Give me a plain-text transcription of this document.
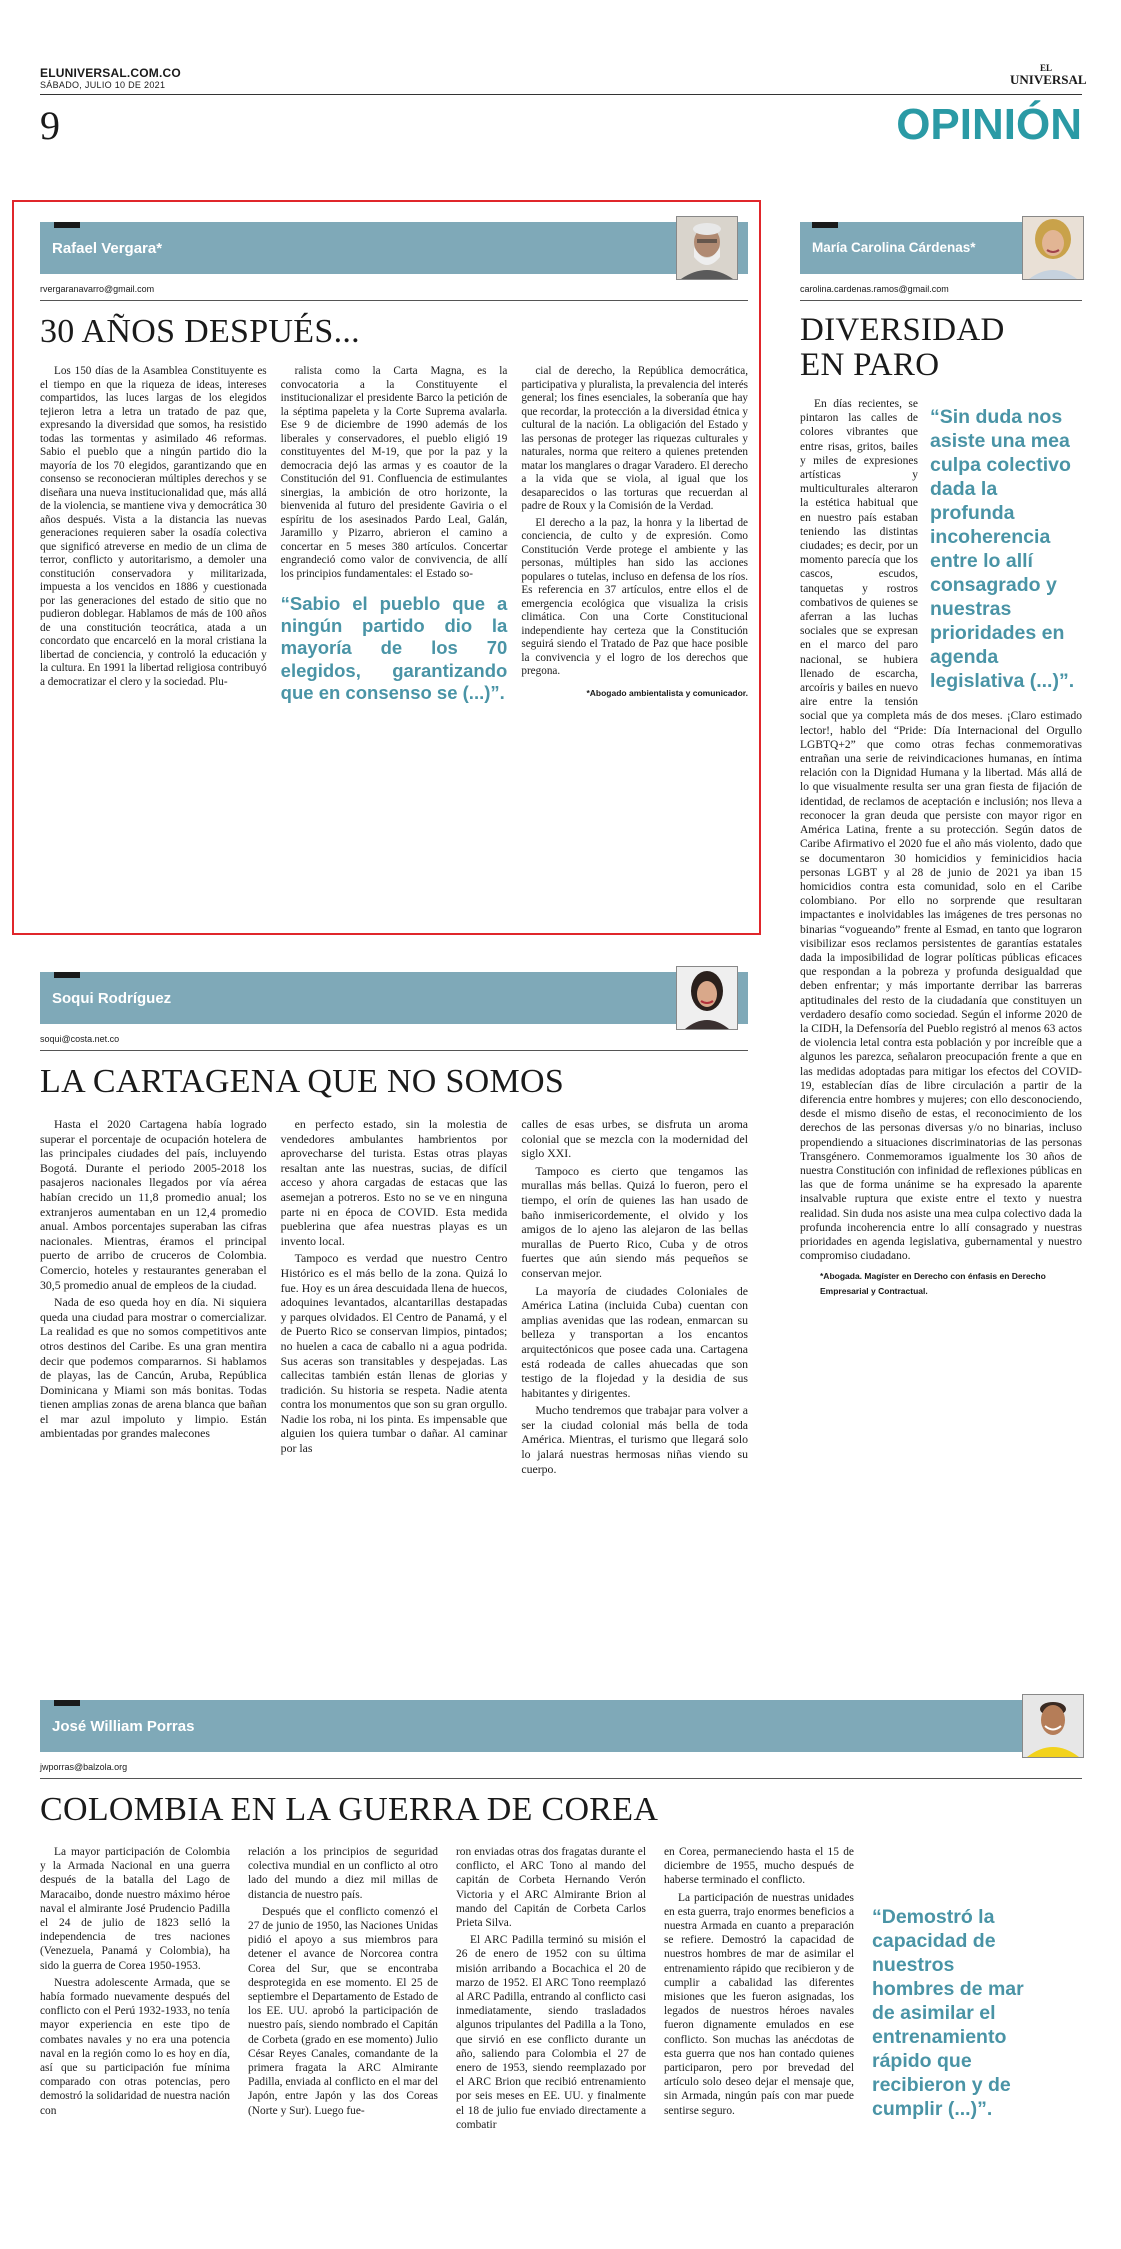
ELUNIVERSAL.COM.CO
SÁBADO, JULIO 10 DE 2021
9
EL
UNIVERSAL
OPINIÓN
Rafael Vergara*
rvergaranavarro@gmail.com
30 AÑOS DESPUÉS...

Los 150 días de la Asamblea Constituyente es el tiempo en que la riqueza de ideas, intereses compartidos, las luces largas de los elegidos tejieron letra a letra un tratado de paz que, expresando la diversidad que somos, ha resistido todas las tormentas y asimilado 46 reformas. Sabio el pueblo que a ningún partido dio la mayoría de los 70 elegidos, garantizando que en consenso se reconocieran múltiples derechos y se diseñara una nueva institucionalidad que, más allá de la violencia, se mantiene viva y democrática 30 años después. Vista a la distancia las nuevas generaciones requieren saber la osadía colectiva que significó atreverse en medio de un clima de terror, conflicto y autoritarismo, a demoler una constitución conservadora y militarizada, impuesta a los vencidos en 1886 y cuestionada por las generaciones del estado de sitio que no pudieron doblegar. Hablamos de más de 100 años de una constitución teocrática, atada a un concordato que encarceló en la moral cristiana la libertad de conciencia, y controló la educación y la cultura. En 1991 la libertad religiosa contribuyó a democratizar el clero y la sociedad. Plu-

ralista como la Carta Magna, es la convocatoria a la Constituyente el institucionalizar el presidente Barco la petición de la séptima papeleta y la Corte Suprema avalarla. Ese 9 de diciembre de 1990 además de los liberales y conservadores, el pueblo eligió 19 constituyentes del M-19, que por la paz y la democracia dejó las armas y es coautor de la Constitución del 91. Confluencia de estimulantes sinergias, la ambición de otro horizonte, la bienvenida al futuro del presidente Gaviria o el espíritu de los asesinados Pardo Leal, Galán, Jaramillo y Pizarro, abrieron el camino a concertar en 5 meses 380 artículos. Concertar engrandeció como valor de convivencia, de allí los principios fundamentales: el Estado so-

“Sabio el pueblo que a ningún partido dio la mayoría de los 70 elegidos, garantizando que en consenso se (...)”.

cial de derecho, la República democrática, participativa y pluralista, la prevalencia del interés general; los fines esenciales, la soberanía que hay que recordar, la protección a la diversidad étnica y cultural de la nación. La obligación del Estado y las personas de proteger las riquezas culturales y naturales, norma que reitero a quienes pretenden matar los manglares o dragar Varadero. El derecho a la vida que se viola, al igual que los desaparecidos o las torturas que recuerdan al padre de Roux y la Comisión de la Verdad.

El derecho a la paz, la honra y la libertad de conciencia, de culto y de expresión. Como Constitución Verde protege el ambiente y las personas, múltiples han sido las acciones populares o tutelas, incluso en defensa de los ríos. Es referencia en 37 artículos, entre ellos el de emergencia ecológica que visualiza la crisis climática. Con una Corte Constitucional independiente hay certeza que la Constitución seguirá siendo el Tratado de Paz que hace posible la convivencia y el logro de los derechos que pregona.

*Abogado ambientalista y comunicador.
María Carolina Cárdenas*
carolina.cardenas.ramos@gmail.com
DIVERSIDAD
EN PARO
“Sin duda nos asiste una mea culpa colectivo dada la profunda incoherencia entre lo allí consagrado y nuestras prioridades en agenda legislativa (...)”.

En días recientes, se pintaron las calles de colores vibrantes que entre risas, gritos, bailes y miles de expresiones artísticas y multiculturales alteraron la estética habitual que en nuestro país estaban teniendo las distintas ciudades; es decir, por un momento parecía que los cascos, escudos, tanquetas y rostros combativos de quienes se aferran a las luchas sociales que se expresan en el marco del paro nacional, se hubiera llenado de escarcha, arcoíris y bailes en nuevo aire entre la tensión social que ya completa más de dos meses. ¡Claro estimado lector!, hablo del “Pride: Día Internacional del Orgullo LGBTQ+2” que como otras fechas conmemorativas entrañan una serie de reivindicaciones humanas, en íntima relación con la Dignidad Humana y la libertad. Más allá de lo que visualmente resulta ser una gran fiesta de fijación de identidad, de reclamos de aceptación e inclusión; nos lleva a reconocer la gran deuda que persiste con mayor rigor en América Latina, frente a su protección. Según datos de Caribe Afirmativo el 2020 fue el año más violento, dado que se documentaron 30 homicidios y feminicidios hacia personas LGBT y al 28 de junio de 2021 ya iban 15 homicidios contra esta comunidad, solo en el Caribe colombiano. Por ello no sorprende que resultaran impactantes e inolvidables las imágenes de tres personas no binarias “vogueando” frente al Esmad, en tanto que lograron visibilizar esos reclamos persistentes de garantías estatales dada la imposibilidad de lograr políticas públicas eficaces que respondan a la pobreza y profunda desigualdad que deben enfrentar; y más importante derribar las barreras aptitudinales del resto de la ciudadanía que constituyen un verdadero desafío como sociedad. Según el informe 2020 de la CIDH, la Defensoría del Pueblo registró al menos 63 actos de violencia letal contra esta población y por increíble que a algunos les parezca, señalaron preocupación frente a que en las medidas adoptadas para mitigar los efectos del COVID-19, establecían días de libre circulación a partir de la diferencia entre hombres y mujeres; con ello desconociendo, desde el mismo diseño de estas, el reconocimiento de los derechos de las personas diversas y/o no binarias, incluso propendiendo a situaciones discriminatorias de las personas Transgénero. Conmemoramos igualmente los 30 años de nuestra Constitución con infinidad de reflexiones públicas en las que de forma unánime se ha expresado la aparente insalvable ruptura que existe entre el texto y nuestra realidad. Sin duda nos asiste una mea culpa colectivo dada la profunda incoherencia entre lo allí consagrado y nuestras prioridades en agenda legislativa, gubernamental y nuestro compromiso ciudadano.

*Abogada. Magíster en Derecho con énfasis en Derecho Empresarial y Contractual.
Soqui Rodríguez
soqui@costa.net.co
LA CARTAGENA QUE NO SOMOS

Hasta el 2020 Cartagena había logrado superar el porcentaje de ocupación hotelera de las principales ciudades del país, incluyendo Bogotá. Durante el periodo 2005-2018 los pasajeros nacionales llegados por vía aérea habían crecido un 11,8 promedio anual; los extranjeros aumentaban en un 12,4 promedio anual. Ambos porcentajes superaban las cifras nacionales. Mientras, éramos el principal puerto de arribo de cruceros de Colombia. Comercio, hoteles y restaurantes generaban el 30,5 promedio anual de empleos de la ciudad.

Nada de eso queda hoy en día. Ni siquiera queda una ciudad para mostrar o comercializar. La realidad es que no somos competitivos ante otros destinos del Caribe. Es una gran mentira decir que podemos compararnos. Si hablamos de playas, las de Cancún, Aruba, República Dominicana y Miami son más bonitas. Todas tienen amplias zonas de arena blanca que bañan el mar azul impoluto y limpio. Están ambientadas por grandes malecones

en perfecto estado, sin la molestia de vendedores ambulantes hambrientos por aprovecharse del turista. Estas otras playas resaltan ante las nuestras, sucias, de difícil acceso y ahora cargadas de estacas que las asemejan a potreros. Esto no se ve en ninguna parte ni en época de COVID. Esta medida pueblerina que afea nuestras playas es un invento local.

Tampoco es verdad que nuestro Centro Histórico es el más bello de la zona. Quizá lo fue. Hoy es un área descuidada llena de huecos, adoquines levantados, alcantarillas destapadas y parques olvidados. El Centro de Panamá, y el de Puerto Rico se conservan limpios, pintados; no huelen a caca de caballo ni a agua podrida. Sus aceras son transitables y despejadas. Las callecitas también están llenas de glorias y tradición. Su historia se respeta. Nadie atenta contra los monumentos que son su gran orgullo. Nadie los roba, ni los pinta. Es impensable que alguien los quiera tumbar o dañar. Al caminar por las

calles de esas urbes, se disfruta un aroma colonial que se mezcla con la modernidad del siglo XXI.

Tampoco es cierto que tengamos las murallas más bellas. Quizá lo fueron, pero el tiempo, el orín de quienes las han usado de baño inmisericordemente, el olvido y los amigos de lo ajeno las alejaron de las bellas murallas de Puerto Rico, Cuba y de otros fuertes que aún siendo más pequeños se conservan mejor.

La mayoría de ciudades Coloniales de América Latina (incluida Cuba) cuentan con amplias avenidas que las rodean, enmarcan su belleza y transportan a los encantos arquitectónicos que posee cada una. Cartagena está rodeada de calles ahuecadas que son testigo de la flojedad y la desidia de sus habitantes y dirigentes.

Mucho tendremos que trabajar para volver a ser la ciudad colonial más bella de toda América. Mientras, el turismo que llegará solo lo jalará nuestras hermosas niñas viendo su cuerpo.

José William Porras
jwporras@balzola.org
COLOMBIA EN LA GUERRA DE COREA

La mayor participación de Colombia y la Armada Nacional en una guerra después de la batalla del Lago de Maracaibo, donde nuestro máximo héroe naval el almirante José Prudencio Padilla el 24 de julio de 1823 selló la independencia de tres naciones (Venezuela, Panamá y Colombia), ha sido la guerra de Corea 1950-1953.

Nuestra adolescente Armada, que se había formado nuevamente después del conflicto con el Perú 1932-1933, no tenía mayor experiencia en este tipo de combates navales y no era una potencia naval en la región como lo es hoy en día, así que su participación fue mínima comparado con otras potencias, pero demostró la solidaridad de nuestra nación con

relación a los principios de seguridad colectiva mundial en un conflicto al otro lado del mundo a diez mil millas de distancia de nuestro país.

Después que el conflicto comenzó el 27 de junio de 1950, las Naciones Unidas pidió el apoyo a sus miembros para detener el avance de Norcorea contra Corea del Sur, que se encontraba desprotegida en ese momento. El 25 de septiembre el Departamento de Estado de los EE. UU. aprobó la participación de nuestro país, siendo nombrado el Capitán de Corbeta (grado en ese momento) Julio César Reyes Canales, comandante de la primera fragata la ARC Almirante Padilla, enviada al conflicto en el mar del Japón, entre Japón y las dos Coreas (Norte y Sur). Luego fue-

ron enviadas otras dos fragatas durante el conflicto, el ARC Tono al mando del capitán de Corbeta Hernando Verón Victoria y el ARC Almirante Brion al mando del Capitán de Corbeta Carlos Prieta Silva.

El ARC Padilla terminó su misión el 26 de enero de 1952 con su última misión arribando a Bocachica el 20 de marzo de 1952. El ARC Tono reemplazó al ARC Padilla, entrando al conflicto casi inmediatamente, siendo trasladados algunos tripulantes del Padilla a la Tono, que sirvió en ese conflicto durante un año, saliendo para Colombia el 27 de enero de 1953, siendo reemplazado por el ARC Brion que recibió entrenamiento por seis meses en EE. UU. y finalmente el 18 de julio fue enviado directamente a combatir

en Corea, permaneciendo hasta el 15 de diciembre de 1955, mucho después de haberse terminado el conflicto.

La participación de nuestras unidades en esta guerra, trajo enormes beneficios a nuestra Armada en cuanto a preparación se refiere. Demostró la capacidad de nuestros hombres de mar de asimilar el entrenamiento rápido que recibieron y de cumplir a cabalidad las diferentes misiones que les fueron asignadas, los legados de nuestros héroes navales fueron dignamente emulados en ese conflicto. Son muchas las anécdotas de esta guerra que nos han contado quienes participaron, pero por brevedad del artículo solo deseo dejar el mensaje que, sin Armada, ningún país con mar puede sentirse seguro.

“Demostró la capacidad de nuestros hombres de mar de asimilar el entrenamiento rápido que recibieron y de cumplir (...)”.
